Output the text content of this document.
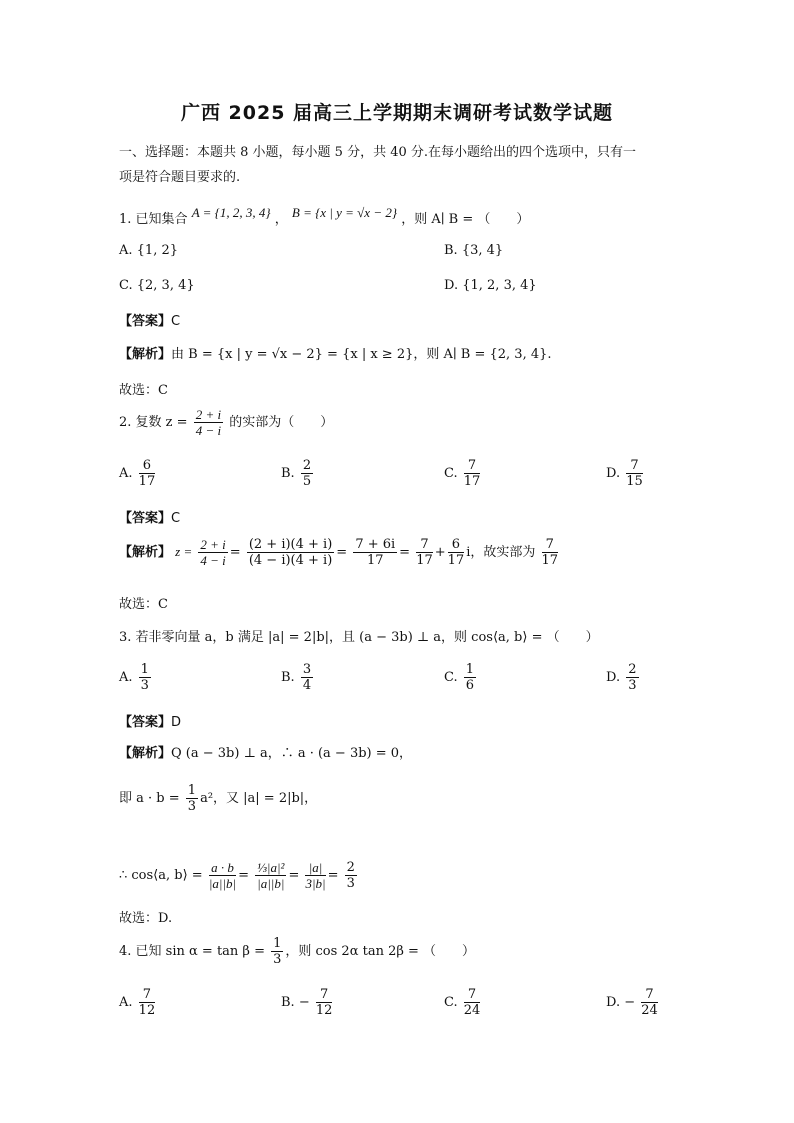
广西 2025 届高三上学期期末调研考试数学试题
一、选择题：本题共 8 小题，每小题 5 分，共 40 分.在每小题给出的四个选项中，只有一
项是符合题目要求的.
1. 已知集合 A = {1, 2, 3, 4} ， B = {x | y = √x − 2} ，则 A∣ B = （　　）
A. {1, 2}	B. {3, 4}
C. {2, 3, 4}	D. {1, 2, 3, 4}
【答案】C
【解析】由 B = {x | y = √x − 2} = {x | x ≥ 2}，则 A∣ B = {2, 3, 4}.
故选：C
2. 复数 $z = \frac{2 + i}{4 - i}$ 的实部为（　　）
A. $\frac{6}{17}$	B. $\frac{2}{5}$	C. $\frac{7}{17}$	D. $\frac{7}{15}$
【答案】C
【解析】 $z = \frac{2 + i}{4 - i} = \frac{(2 + i)(4 + i)}{(4 - i)(4 + i)} = \frac{7 + 6i}{17} = \frac{7}{17} + \frac{6}{17}$ i，故实部为 $\frac{7}{17}$
故选：C
3. 若非零向量 a，b 满足 |a| = 2|b|，且 (a − 3b) ⊥ a，则 cos⟨a, b⟩ = （　　）
A. $\frac{1}{3}$	B. $\frac{3}{4}$	C. $\frac{1}{6}$	D. $\frac{2}{3}$
【答案】D
【解析】Q (a − 3b) ⊥ a，∴ a · (a − 3b) = 0，
即 $a \cdot b = \frac{1}{3} a^2$，又 |a| = 2|b|，
∴ cos⟨a, b⟩ = $\frac{a \cdot b}{|a||b|} = \frac{\text{⅓|a|²}}{|a||b|} = \frac{|a|}{3|b|} = \frac{2}{3}$
故选：D.
4. 已知 $\sin \alpha = \tan \beta = \frac{1}{3}$ ，则 cos 2α tan 2β = （　　）
A. $\frac{7}{12}$	B. − $\frac{7}{12}$	C. $\frac{7}{24}$	D. − $\frac{7}{24}$
